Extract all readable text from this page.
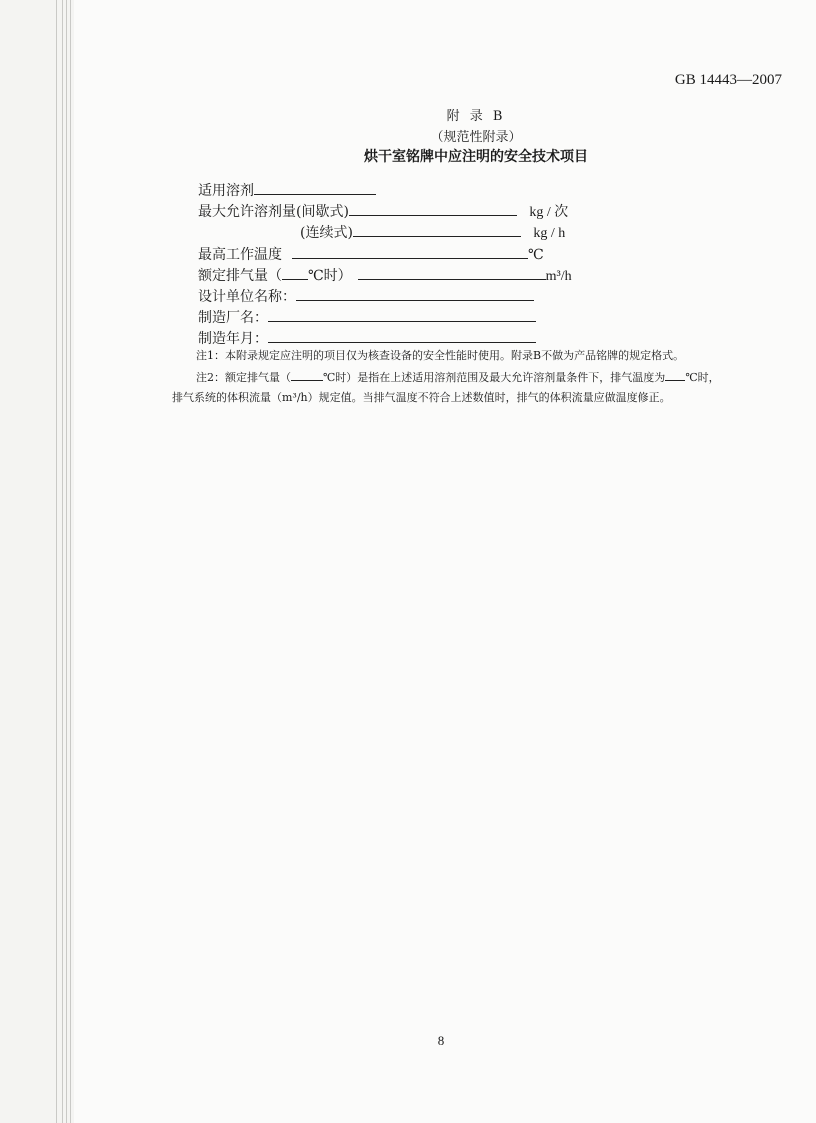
GB 14443—2007
附 录 B
（规范性附录）
烘干室铭牌中应注明的安全技术项目
适用溶剂
最大允许溶剂量(间歇式)	kg / 次
(连续式)	kg / h
最高工作温度	℃
额定排气量（ ℃时）	m³/h
设计单位名称：
制造厂名：
制造年月：
注1：本附录规定应注明的项目仅为核查设备的安全性能时使用。附录B不做为产品铭牌的规定格式。
注2：额定排气量（	℃时）是指在上述适用溶剂范围及最大允许溶剂量条件下，排气温度为 ℃时，
排气系统的体积流量（m³/h）规定值。当排气温度不符合上述数值时，排气的体积流量应做温度修正。
8
